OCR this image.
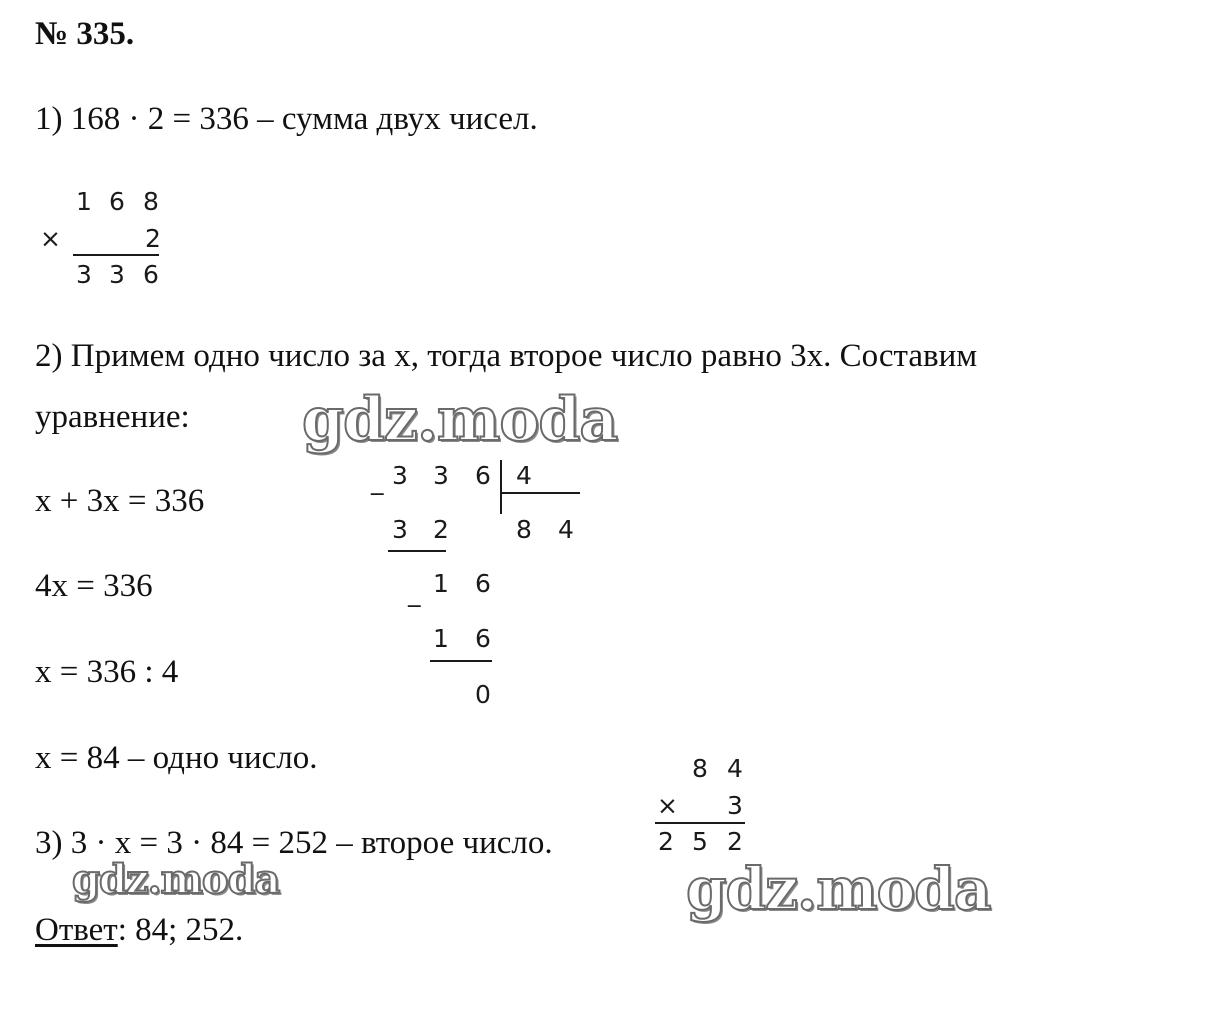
№ 335.
1) 168 · 2 = 336 – сумма двух чисел.
2) Примем одно число за x, тогда второе число равно 3x. Составим
уравнение:
x + 3x = 336
4x = 336
x = 336 : 4
x = 84 – одно число.
3) 3 · x = 3 · 84 = 252 – второе число.
Ответ: 84; 252.
1 6 8
×	2
3 3 6
_ 3 3 6 4
3 2	8 4
_ 1 6
1 6
0
8 4
× 3
2 5 2
gdz.moda
gdz.moda	gdz.moda
